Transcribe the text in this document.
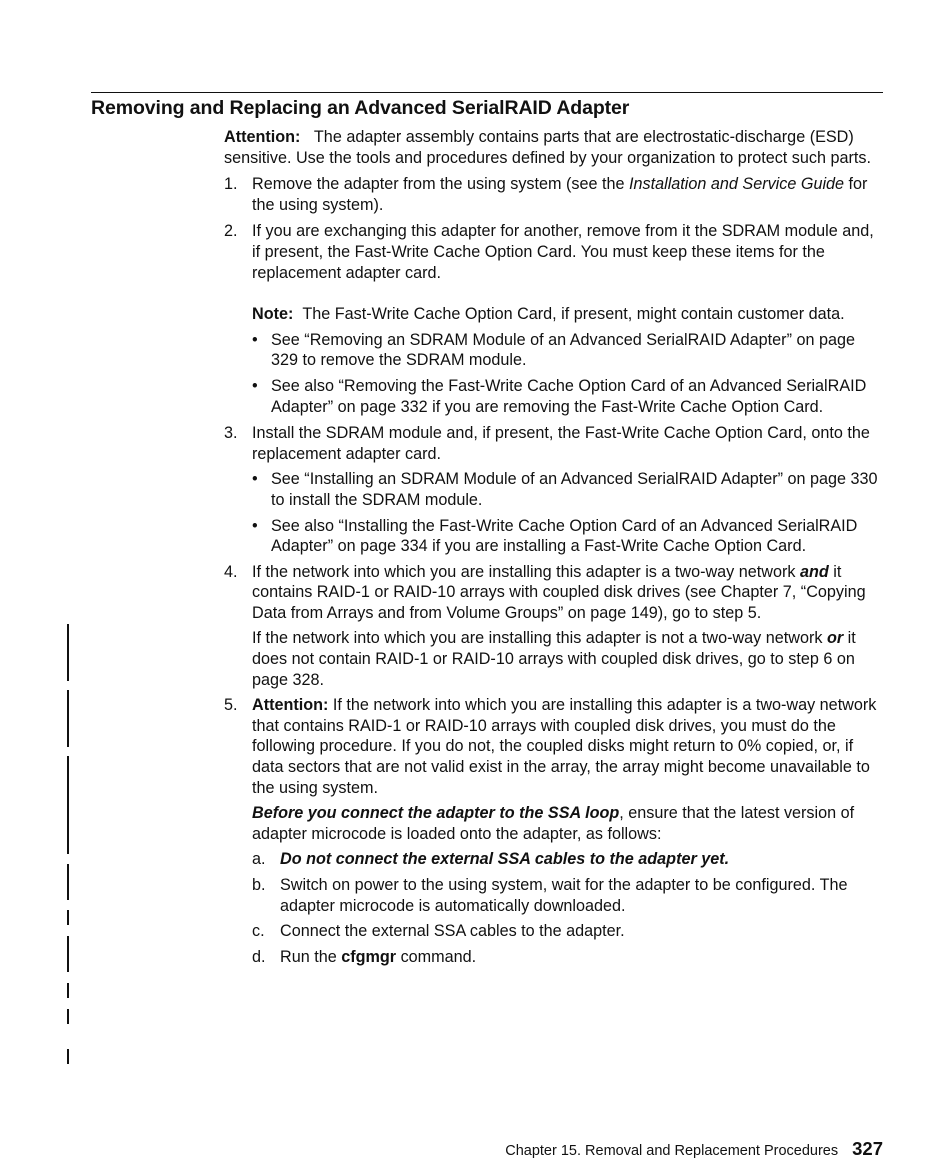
Removing and Replacing an Advanced SerialRAID Adapter

Attention: The adapter assembly contains parts that are electrostatic-discharge (ESD) sensitive. Use the tools and procedures defined by your organization to protect such parts.

1. Remove the adapter from the using system (see the Installation and Service Guide for the using system).

2. If you are exchanging this adapter for another, remove from it the SDRAM module and, if present, the Fast-Write Cache Option Card. You must keep these items for the replacement adapter card.

Note: The Fast-Write Cache Option Card, if present, might contain customer data.

• See “Removing an SDRAM Module of an Advanced SerialRAID Adapter” on page 329 to remove the SDRAM module.

• See also “Removing the Fast-Write Cache Option Card of an Advanced SerialRAID Adapter” on page 332 if you are removing the Fast-Write Cache Option Card.

3. Install the SDRAM module and, if present, the Fast-Write Cache Option Card, onto the replacement adapter card.

• See “Installing an SDRAM Module of an Advanced SerialRAID Adapter” on page 330 to install the SDRAM module.

• See also “Installing the Fast-Write Cache Option Card of an Advanced SerialRAID Adapter” on page 334 if you are installing a Fast-Write Cache Option Card.

4. If the network into which you are installing this adapter is a two-way network and it contains RAID-1 or RAID-10 arrays with coupled disk drives (see Chapter 7, “Copying Data from Arrays and from Volume Groups” on page 149), go to step 5.

If the network into which you are installing this adapter is not a two-way network or it does not contain RAID-1 or RAID-10 arrays with coupled disk drives, go to step 6 on page 328.

5. Attention: If the network into which you are installing this adapter is a two-way network that contains RAID-1 or RAID-10 arrays with coupled disk drives, you must do the following procedure. If you do not, the coupled disks might return to 0% copied, or, if data sectors that are not valid exist in the array, the array might become unavailable to the using system.

Before you connect the adapter to the SSA loop, ensure that the latest version of adapter microcode is loaded onto the adapter, as follows:

a. Do not connect the external SSA cables to the adapter yet.

b. Switch on power to the using system, wait for the adapter to be configured. The adapter microcode is automatically downloaded.

c. Connect the external SSA cables to the adapter.

d. Run the cfgmgr command.

Chapter 15. Removal and Replacement Procedures 327
